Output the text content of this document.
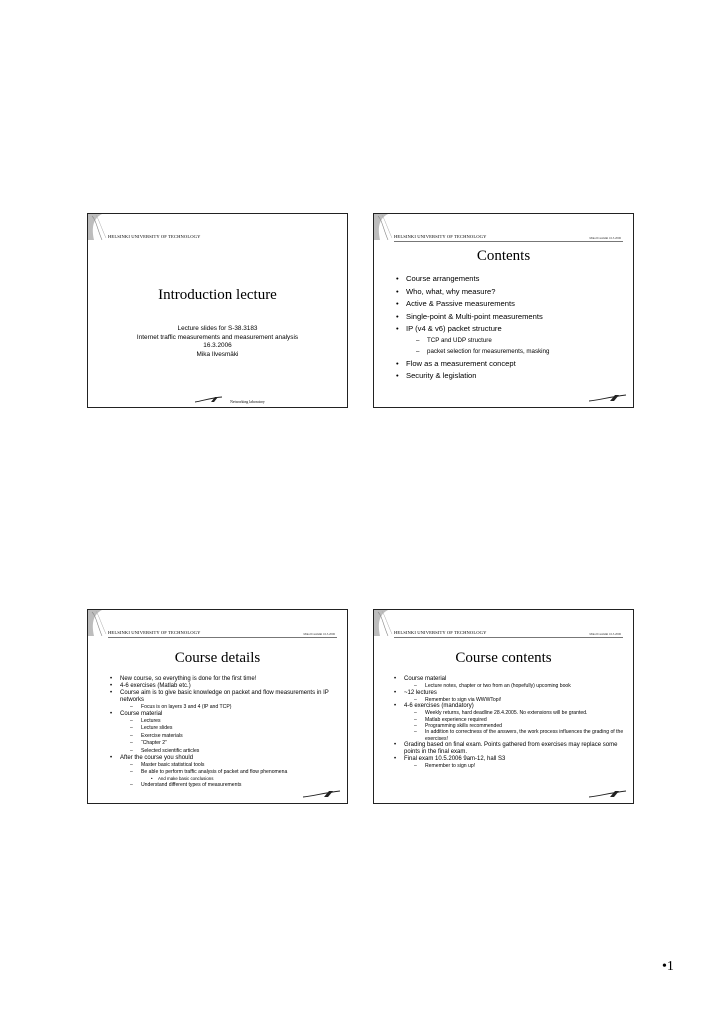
HELSINKI UNIVERSITY OF TECHNOLOGY
Introduction lecture
Lecture slides for S-38.3183
Internet traffic measurements and measurement analysis
16.3.2006
Mika Ilvesmäki
Networking laboratory
HELSINKI UNIVERSITY OF TECHNOLOGY	Mika Ilvesmäki 16.3.2006
Contents
• Course arrangements
• Who, what, why measure?
• Active & Passive measurements
• Single-point & Multi-point measurements
• IP (v4 & v6) packet structure
– TCP and UDP structure
– packet selection for measurements, masking
• Flow as a measurement concept
• Security & legislation
HELSINKI UNIVERSITY OF TECHNOLOGY	Mika Ilvesmäki 16.3.2006
Course details
• New course, so everything is done for the first time!
• 4-6 exercises (Matlab etc.)
• Course aim is to give basic knowledge on packet and flow measurements in IP networks
– Focus is on layers 3 and 4 (IP and TCP)
• Course material
– Lectures
– Lecture slides
– Exercise materials
– “Chapter 2”
– Selected scientific articles
• After the course you should
– Master basic statistical tools
– Be able to perform traffic analysis of packet and flow phenomena
• And make basic conclusions
– Understand different types of measurements
HELSINKI UNIVERSITY OF TECHNOLOGY	Mika Ilvesmäki 16.3.2006
Course contents
• Course material
– Lecture notes, chapter or two from an (hopefully) upcoming book
• ~12 lectures
– Remember to sign via WWWTopi!
• 4-6 exercises (mandatory)
– Weekly returns, hard deadline 28.4.2005. No extensions will be granted.
– Matlab experience required
– Programming skills recommended
– In addition to correctness of the answers, the work process influences the grading of the exercises!
• Grading based on final exam. Points gathered from exercises may replace some points in the final exam.
• Final exam 10.5.2006 9am-12, hall S3
– Remember to sign up!
•1
